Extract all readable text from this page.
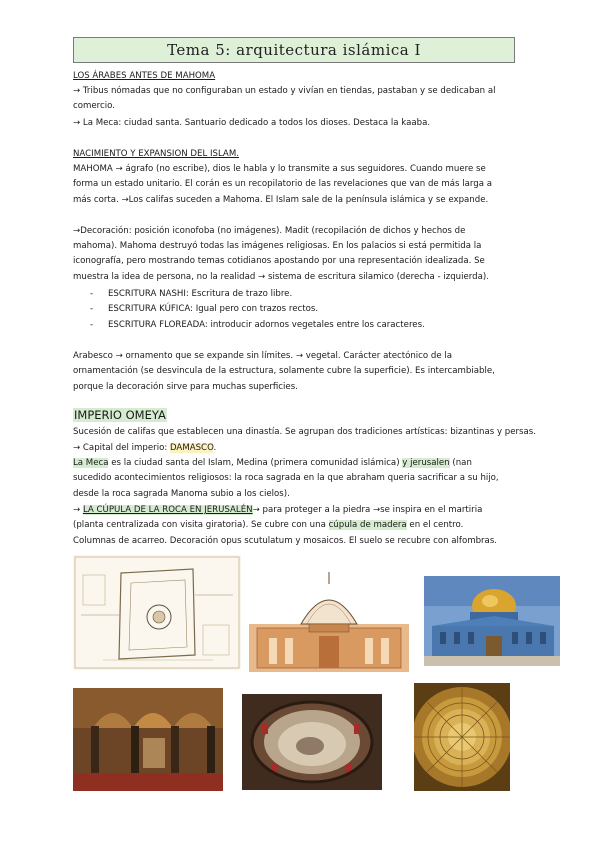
Tema 5: arquitectura islámica I
LOS ÁRABES ANTES DE MAHOMA
→ Tribus nómadas que no configuraban un estado y vivían en tiendas, pastaban y se dedicaban al
comercio.
→ La Meca: ciudad santa. Santuario dedicado a todos los dioses. Destaca la kaaba.
NACIMIENTO Y EXPANSION DEL ISLAM.
MAHOMA → ágrafo (no escribe), dios le habla y lo transmite a sus seguidores. Cuando muere se
forma un estado unitario. El corán es un recopilatorio de las revelaciones que van de más larga a
más corta. →Los califas suceden a Mahoma. El Islam sale de la península islámica y se expande.
→Decoración: posición iconofoba (no imágenes). Madit (recopilación de dichos y hechos de
mahoma). Mahoma destruyó todas las imágenes religiosas. En los palacios si está permitida la
iconografía, pero mostrando temas cotidianos apostando por una representación idealizada. Se
muestra la idea de persona, no la realidad → sistema de escritura silamico (derecha - izquierda).
- ESCRITURA NASHI: Escritura de trazo libre.
- ESCRITURA KÚFICA: Igual pero con trazos rectos.
- ESCRITURA FLOREADA: introducir adornos vegetales entre los caracteres.
Arabesco → ornamento que se expande sin límites. → vegetal. Carácter atectónico de la
ornamentación (se desvincula de la estructura, solamente cubre la superficie). Es intercambiable,
porque la decoración sirve para muchas superficies.
IMPERIO OMEYA
Sucesión de califas que establecen una dinastía. Se agrupan dos tradiciones artísticas: bizantinas y persas.
→ Capital del imperio: DAMASCO.
La Meca es la ciudad santa del Islam, Medina (primera comunidad islámica) y jerusalen (nan
sucedido acontecimientos religiosos: la roca sagrada en la que abraham queria sacrificar a su hijo,
desde la roca sagrada Manoma subio a los cielos).
→ LA CÚPULA DE LA ROCA EN JERUSALÉN→ para proteger a la piedra →se inspira en el martiria
(planta centralizada con visita giratoria). Se cubre con una cúpula de madera en el centro.
Columnas de acarreo. Decoración opus scutulatum y mosaicos. El suelo se recubre con alfombras.
